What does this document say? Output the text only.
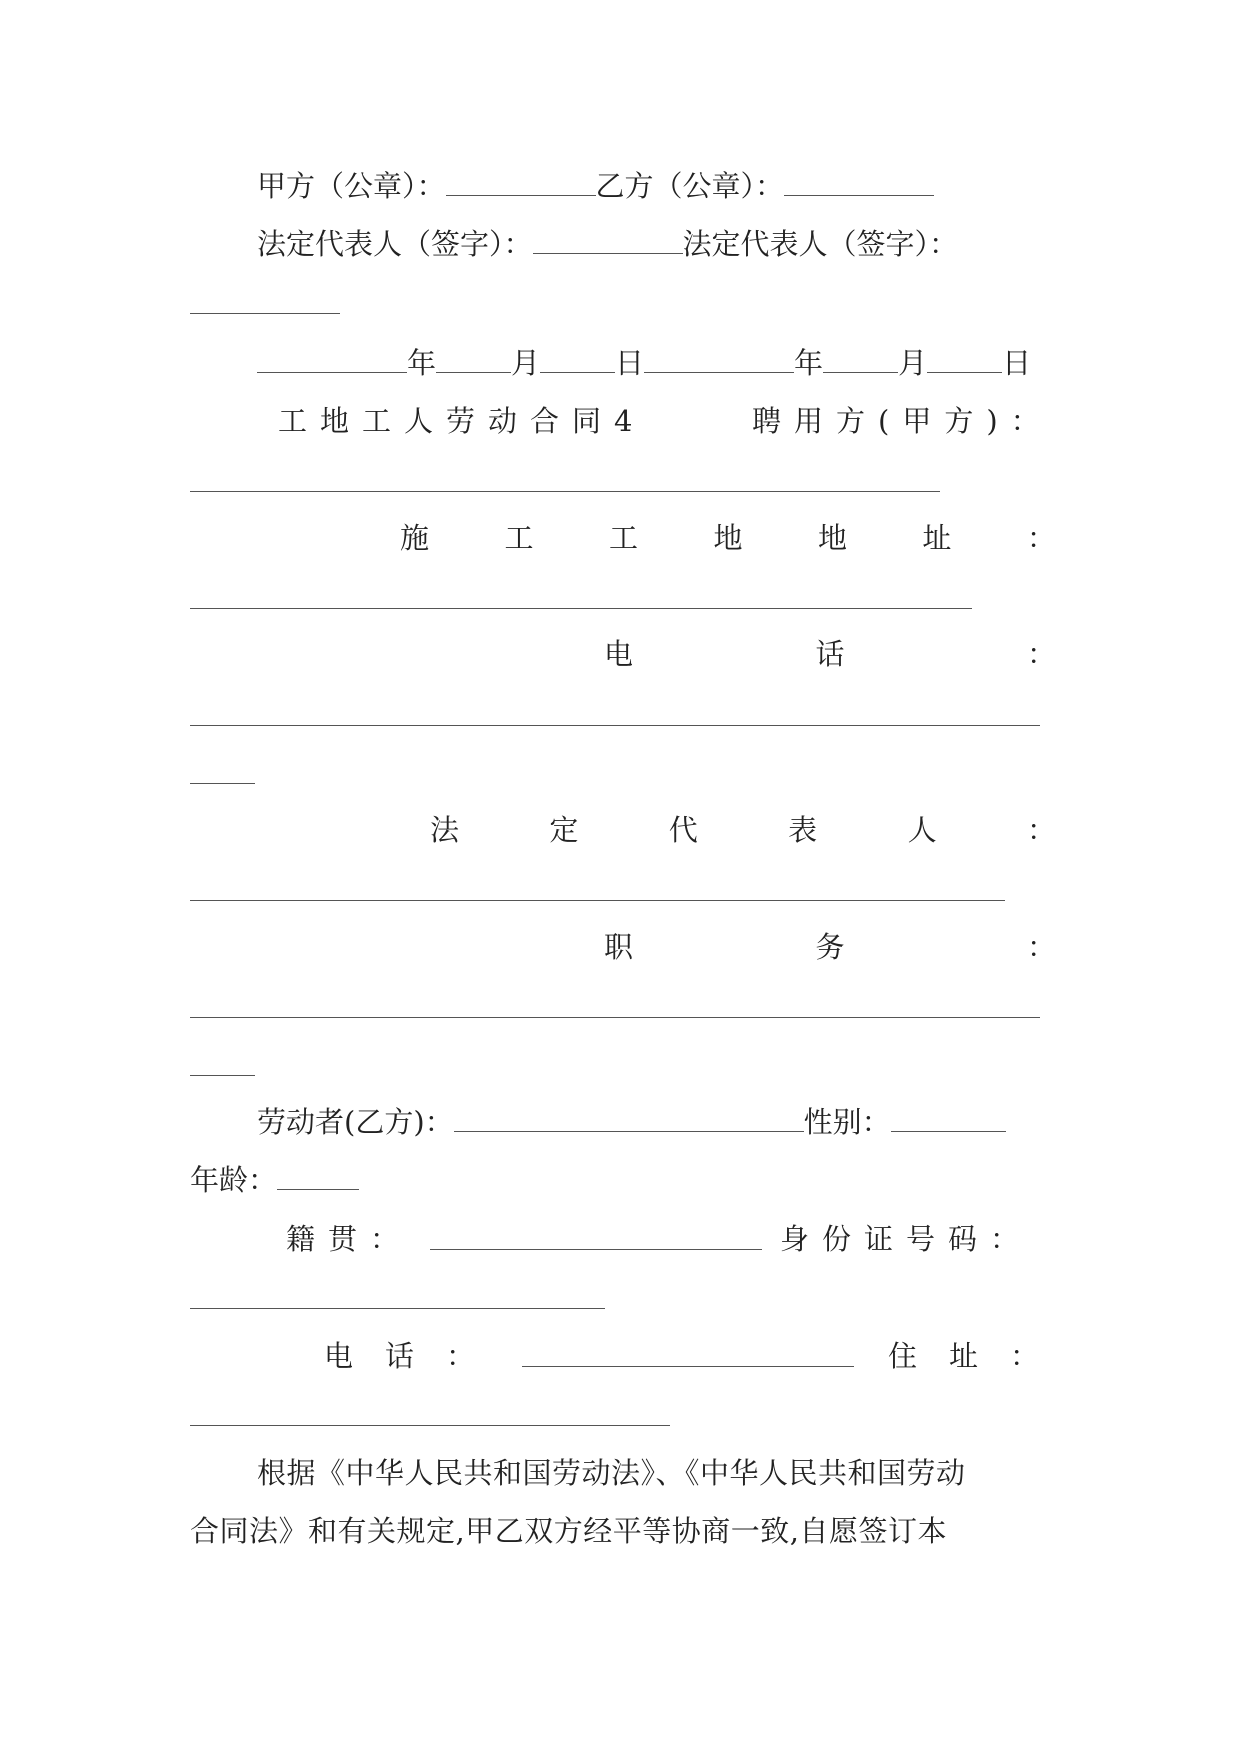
甲方（公章）：	乙方（公章）：
法定代表人（签字）：	法定代表人（签字）：
年	月	日	年	月	日
工地工人劳动合同4	聘用方(甲方)：
施	工	工	地	地	址	：
电	话	：
法	定	代	表	人	：
职	务	：
劳动者(乙方)：	性别：
年龄：
籍贯：	身份证号码：
电话：	住址：
根据《中华人民共和国劳动法》、《中华人民共和国劳动
合同法》和有关规定,甲乙双方经平等协商一致,自愿签订本
